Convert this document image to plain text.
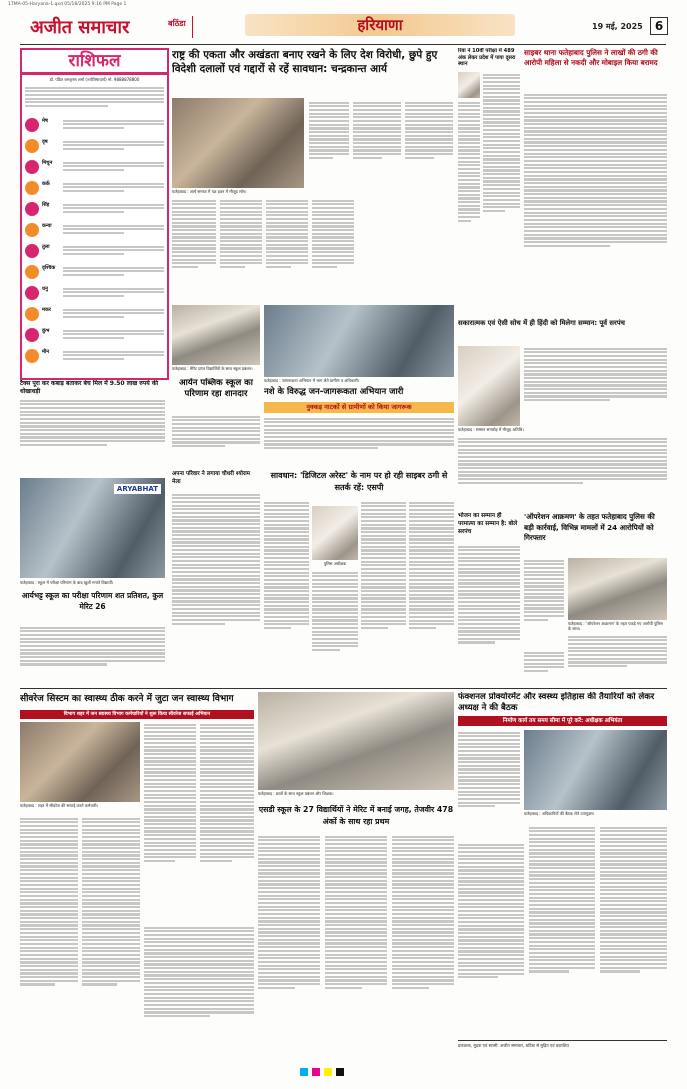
17MA-05-Haryana-1.qxd 05/18/2025 9:16 PM Page 1
अजीत समाचार	बठिंडा	हरियाणा	19 मई, 2025	6
राशिफल
डॉ. पंडित रामकृष्ण शर्मा (ज्योतिषाचार्य) मो. 9888878800
मेष
वृष
मिथुन
कर्क
सिंह
कन्या
तुला
वृश्चिक
धनु
मकर
कुंभ
मीन
राष्ट्र की एकता और अखंडता बनाए रखने के लिए देश विरोधी, छुपे हुए विदेशी दलालों एवं गद्दारों से रहें सावधान: चन्द्रकान्त आर्य
फतेहाबाद : आर्य समाज में यज्ञ हवन में मौजूद लोग।
रिवा ने 10वीं परीक्षा में 489 अंक लेकर प्रदेश में पाया दूसरा स्थान
साइबर थाना फतेहाबाद पुलिस ने लाखों की ठगी की आरोपी महिला से नकदी और मोबाइल किया बरामद
टैक्स पूरा कर कबाड़ बताकर बेच मिल में 9.50 लाख रुपये की धोखाधड़ी
फतेहाबाद : मेरिट प्राप्त विद्यार्थियों के साथ स्कूल प्रबंधन।
आर्यन पब्लिक स्कूल का परिणाम रहा शानदार
फतेहाबाद : जागरूकता अभियान में भाग लेते ग्रामीण व अधिकारी।
नशे के विरुद्ध जन-जागरूकता अभियान जारी
नुक्कड़ नाटकों से ग्रामीणों को किया जागरूक
सकारात्मक एवं ऐसी सोच में ही हिंदी को मिलेगा सम्मान: पूर्व सरपंच
फतेहाबाद : सम्मान समारोह में मौजूद अतिथि।
ARYABHAT
फतेहाबाद : स्कूल में परीक्षा परिणाम के बाद खुशी मनाते विद्यार्थी।
आर्यभट्ट स्कूल का परीक्षा परिणाम शत प्रतिशत, कुल मेरिट 26
अपना परिवार ने लगाया चौधरी श्योराम मेला
सावधान: 'डिजिटल अरेस्ट' के नाम पर हो रही साइबर ठगी से सतर्क रहें: एसपी
पुलिस अधीक्षक
भोजन का सम्मान ही परमात्मा का सम्मान है: बोले सरपंच
'ऑपरेशन आक्रमण' के तहत फतेहाबाद पुलिस की बड़ी कार्रवाई, विभिन्न मामलों में 24 आरोपियों को गिरफ्तार
फतेहाबाद : 'ऑपरेशन आक्रमण' के तहत पकड़े गए आरोपी पुलिस के साथ।
सीवरेज सिस्टम का स्वास्थ्य ठीक करने में जुटा जन स्वास्थ्य विभाग
विभाग शहर में जन स्वास्थ्य विभाग कर्मचारियों ने शुरू किया सीवरेज सफाई अभियान
फतेहाबाद : शहर में सीवरेज की सफाई करते कर्मचारी।
फतेहाबाद : छात्रों के साथ स्कूल प्रबंधन और शिक्षक।
एसडी स्कूल के 27 विद्यार्थियों ने मेरिट में बनाई जगह, तेजवीर 478 अंकों के साथ रहा प्रथम
फंक्शनल प्रोक्योरमेंट और स्वस्थ्य इतिहास की तैयारियों को लेकर अध्यक्ष ने की बैठक
निर्माण कार्य तय समय सीमा में पूरे करें: अधीक्षक अभियंता
फतेहाबाद : अधिकारियों की बैठक लेते उपायुक्त।
प्रकाशक, मुद्रक एवं स्वामी: अजीत समाचार, बठिंडा से मुद्रित एवं प्रकाशित
